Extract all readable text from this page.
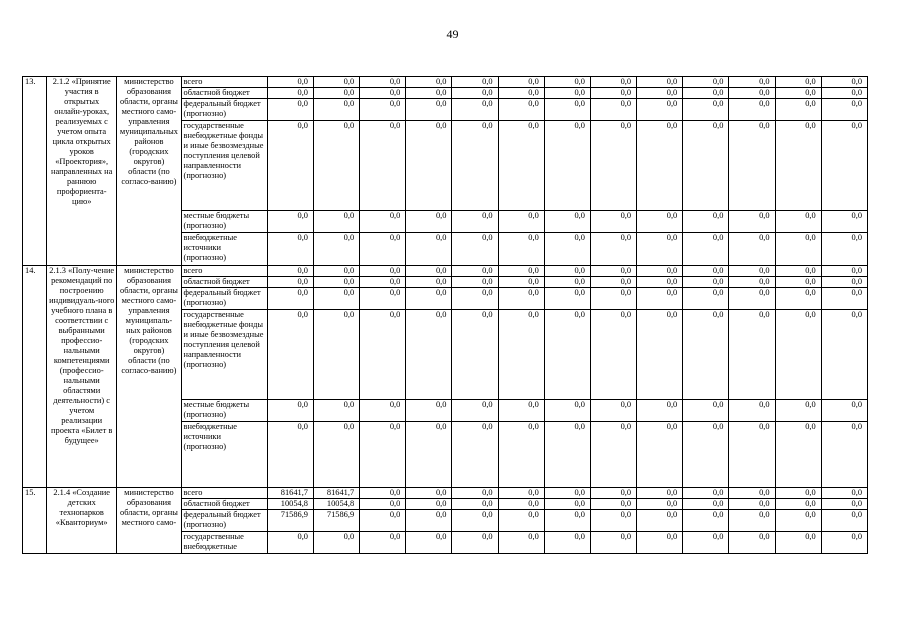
49
13.	2.1.2 «Принятие участия в открытых онлайн-уроках, реализуемых с учетом опыта цикла открытых уроков «Проектория», направленных на раннюю профориента-цию»	министерство образования области, органы местного само-управления муниципальных районов (городских округов) области (по согласо-ванию)	всего	0,0	0,0	0,0	0,0	0,0	0,0	0,0	0,0	0,0	0,0	0,0	0,0	0,0
			областной бюджет	0,0	0,0	0,0	0,0	0,0	0,0	0,0	0,0	0,0	0,0	0,0	0,0	0,0
			федеральный бюджет (прогнозно)	0,0	0,0	0,0	0,0	0,0	0,0	0,0	0,0	0,0	0,0	0,0	0,0	0,0
			государственные внебюджетные фонды и иные безвозмездные поступления целевой направленности (прогнозно)	0,0	0,0	0,0	0,0	0,0	0,0	0,0	0,0	0,0	0,0	0,0	0,0	0,0
			местные бюджеты (прогнозно)	0,0	0,0	0,0	0,0	0,0	0,0	0,0	0,0	0,0	0,0	0,0	0,0	0,0
			внебюджетные источники (прогнозно)	0,0	0,0	0,0	0,0	0,0	0,0	0,0	0,0	0,0	0,0	0,0	0,0	0,0
14.	2.1.3 «Полу-чение рекомендаций по построению индивидуаль-ного учебного плана в соответствии с выбранными профессио-нальными компетенциями (профессио-нальными областями деятельности) с учетом реализации проекта «Билет в будущее»	министерство образования области, органы местного само-управления муниципаль-ных районов (городских округов) области (по согласо-ванию)	всего	0,0	0,0	0,0	0,0	0,0	0,0	0,0	0,0	0,0	0,0	0,0	0,0	0,0
			областной бюджет	0,0	0,0	0,0	0,0	0,0	0,0	0,0	0,0	0,0	0,0	0,0	0,0	0,0
			федеральный бюджет (прогнозно)	0,0	0,0	0,0	0,0	0,0	0,0	0,0	0,0	0,0	0,0	0,0	0,0	0,0
			государственные внебюджетные фонды и иные безвозмездные поступления целевой направленности (прогнозно)	0,0	0,0	0,0	0,0	0,0	0,0	0,0	0,0	0,0	0,0	0,0	0,0	0,0
			местные бюджеты (прогнозно)	0,0	0,0	0,0	0,0	0,0	0,0	0,0	0,0	0,0	0,0	0,0	0,0	0,0
			внебюджетные источники (прогнозно)	0,0	0,0	0,0	0,0	0,0	0,0	0,0	0,0	0,0	0,0	0,0	0,0	0,0
15.	2.1.4 «Создание детских технопарков «Кванториум»	министерство образования области, органы местного само-	всего	81641,7	81641,7	0,0	0,0	0,0	0,0	0,0	0,0	0,0	0,0	0,0	0,0	0,0
			областной бюджет	10054,8	10054,8	0,0	0,0	0,0	0,0	0,0	0,0	0,0	0,0	0,0	0,0	0,0
			федеральный бюджет (прогнозно)	71586,9	71586,9	0,0	0,0	0,0	0,0	0,0	0,0	0,0	0,0	0,0	0,0	0,0
			государственные внебюджетные	0,0	0,0	0,0	0,0	0,0	0,0	0,0	0,0	0,0	0,0	0,0	0,0	0,0
